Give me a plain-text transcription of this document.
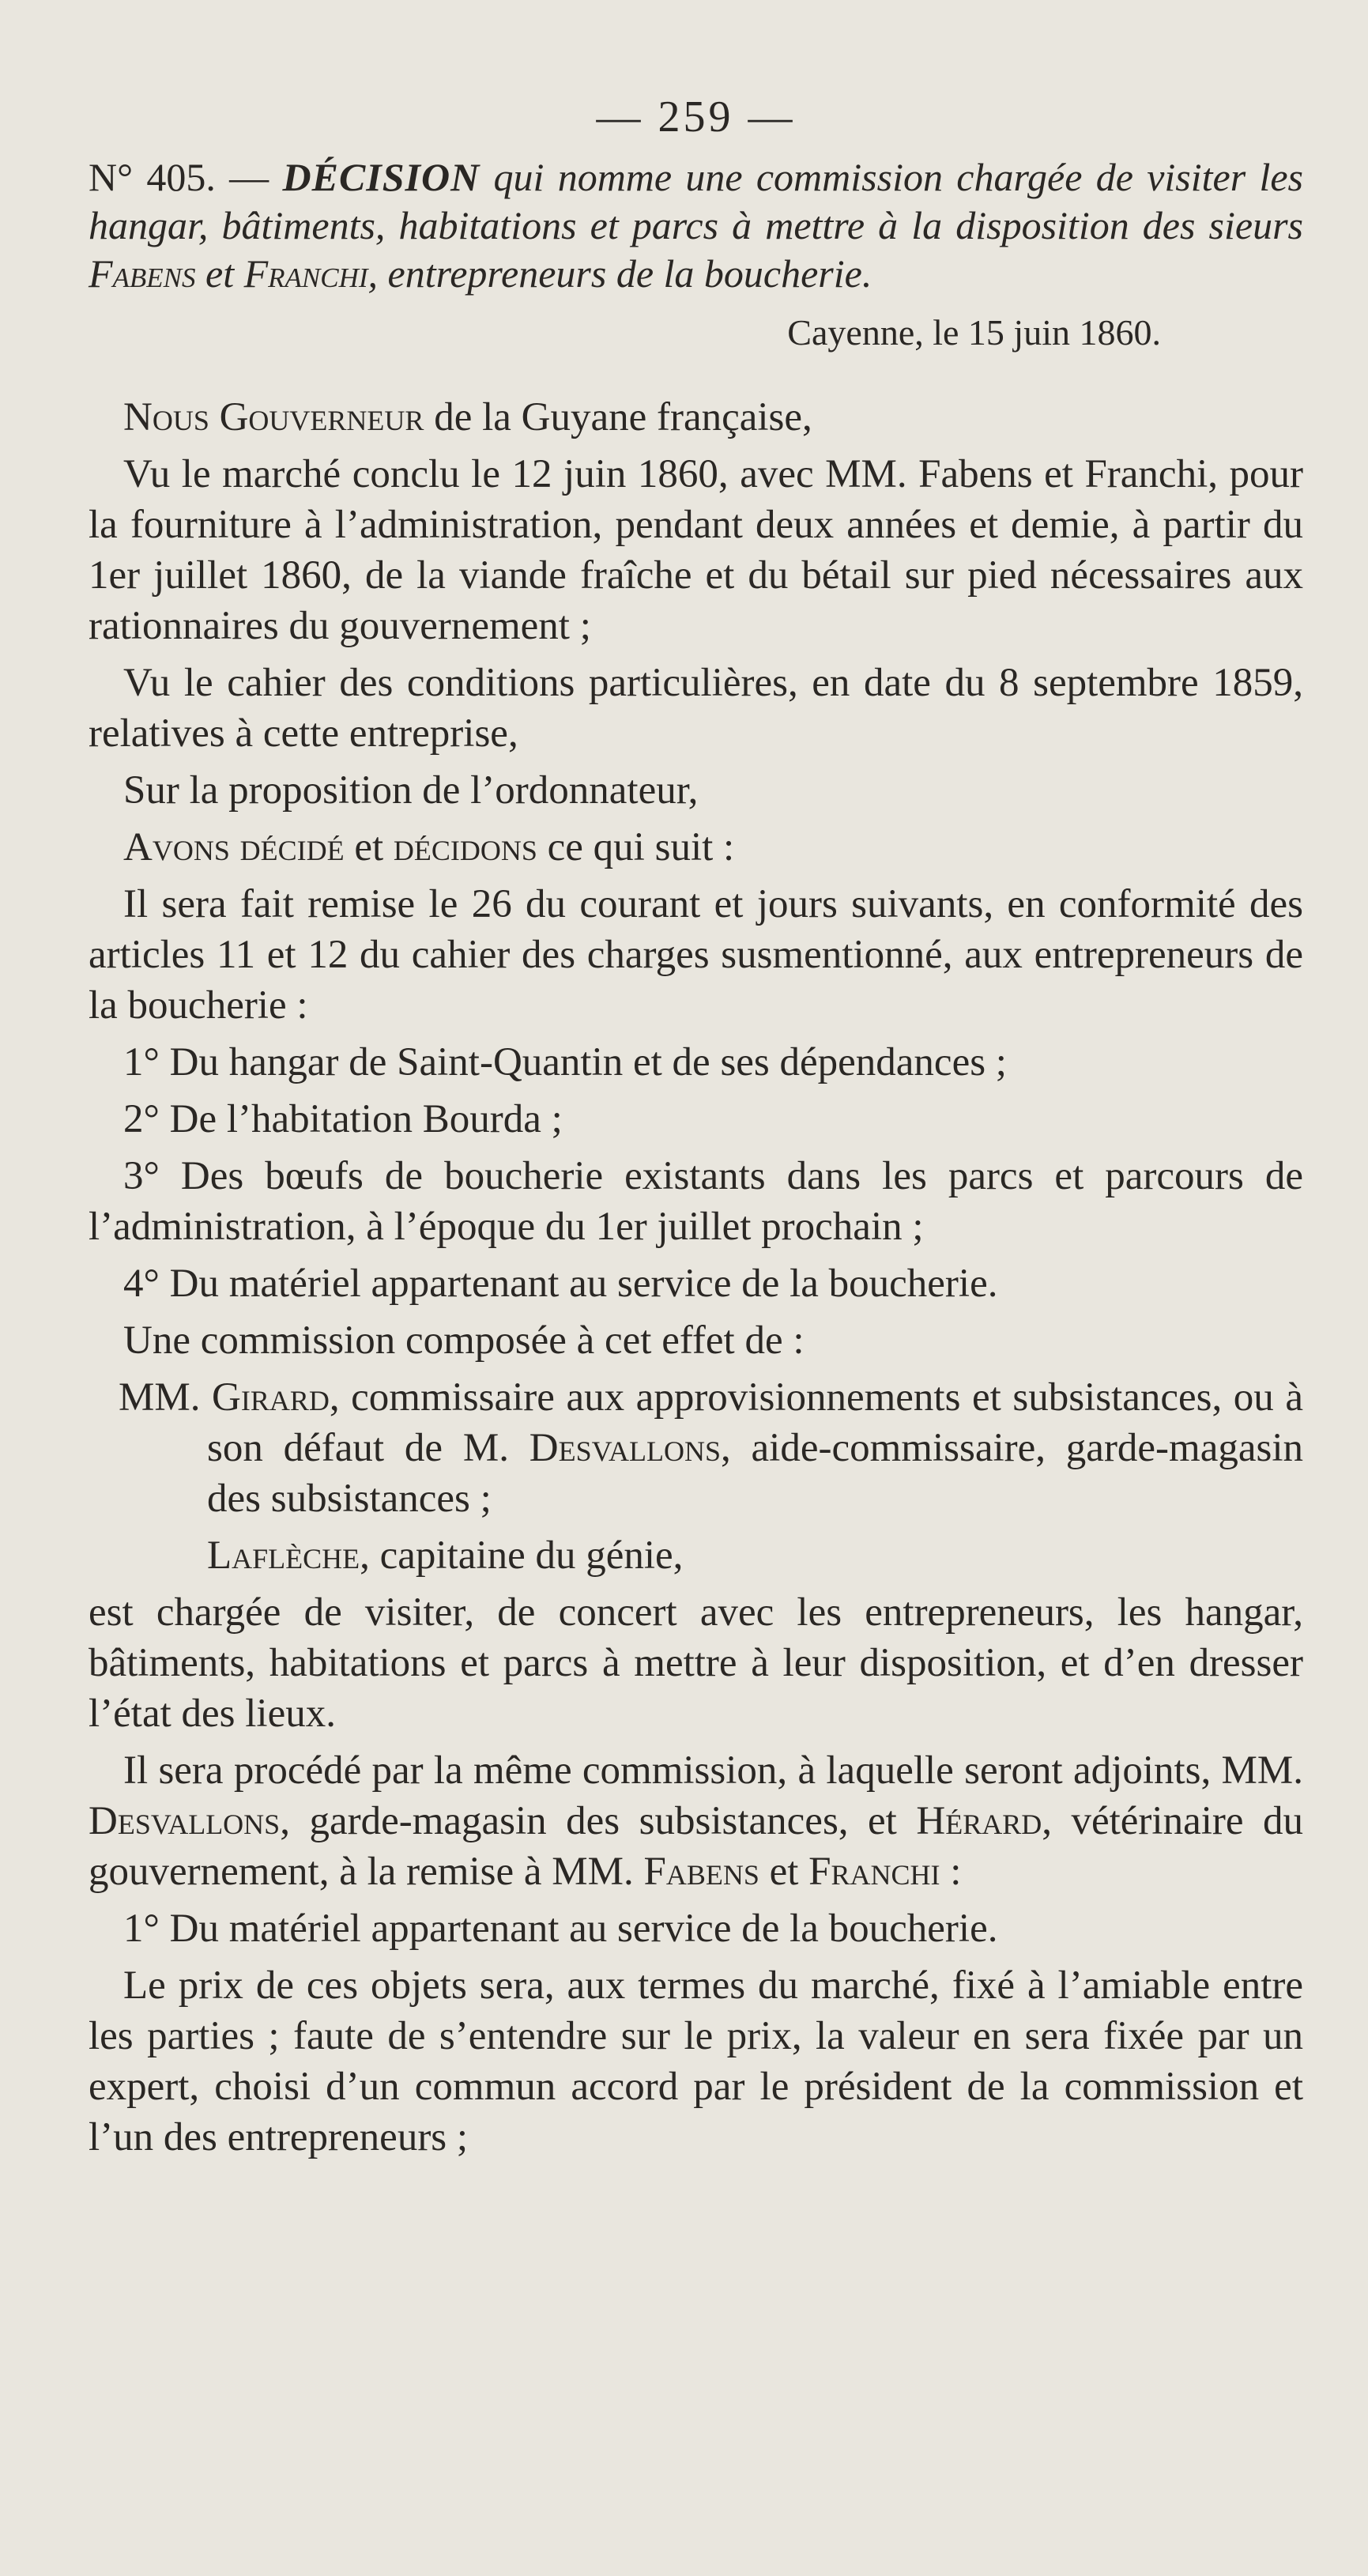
— 259 —

N° 405. — DÉCISION qui nomme une commission chargée de visiter les hangar, bâtiments, habitations et parcs à mettre à la disposition des sieurs Fabens et Franchi, entrepreneurs de la boucherie.

Cayenne, le 15 juin 1860.

Nous Gouverneur de la Guyane française,

Vu le marché conclu le 12 juin 1860, avec MM. Fabens et Franchi, pour la fourniture à l’administration, pendant deux années et demie, à partir du 1er juillet 1860, de la viande fraîche et du bétail sur pied nécessaires aux rationnaires du gouvernement ;

Vu le cahier des conditions particulières, en date du 8 septembre 1859, relatives à cette entreprise,

Sur la proposition de l’ordonnateur,

Avons décidé et décidons ce qui suit :

Il sera fait remise le 26 du courant et jours suivants, en conformité des articles 11 et 12 du cahier des charges susmentionné, aux entrepreneurs de la boucherie :

1° Du hangar de Saint-Quantin et de ses dépendances ;

2° De l’habitation Bourda ;

3° Des bœufs de boucherie existants dans les parcs et parcours de l’administration, à l’époque du 1er juillet prochain ;

4° Du matériel appartenant au service de la boucherie.

Une commission composée à cet effet de :

MM. Girard, commissaire aux approvisionnements et subsistances, ou à son défaut de M. Desvallons, aide-commissaire, garde-magasin des subsistances ;
Laflèche, capitaine du génie,

est chargée de visiter, de concert avec les entrepreneurs, les hangar, bâtiments, habitations et parcs à mettre à leur disposition, et d’en dresser l’état des lieux.

Il sera procédé par la même commission, à laquelle seront adjoints, MM. Desvallons, garde-magasin des subsistances, et Hérard, vétérinaire du gouvernement, à la remise à MM. Fabens et Franchi :

1° Du matériel appartenant au service de la boucherie.

Le prix de ces objets sera, aux termes du marché, fixé à l’amiable entre les parties ; faute de s’entendre sur le prix, la valeur en sera fixée par un expert, choisi d’un commun accord par le président de la commission et l’un des entrepreneurs ;
